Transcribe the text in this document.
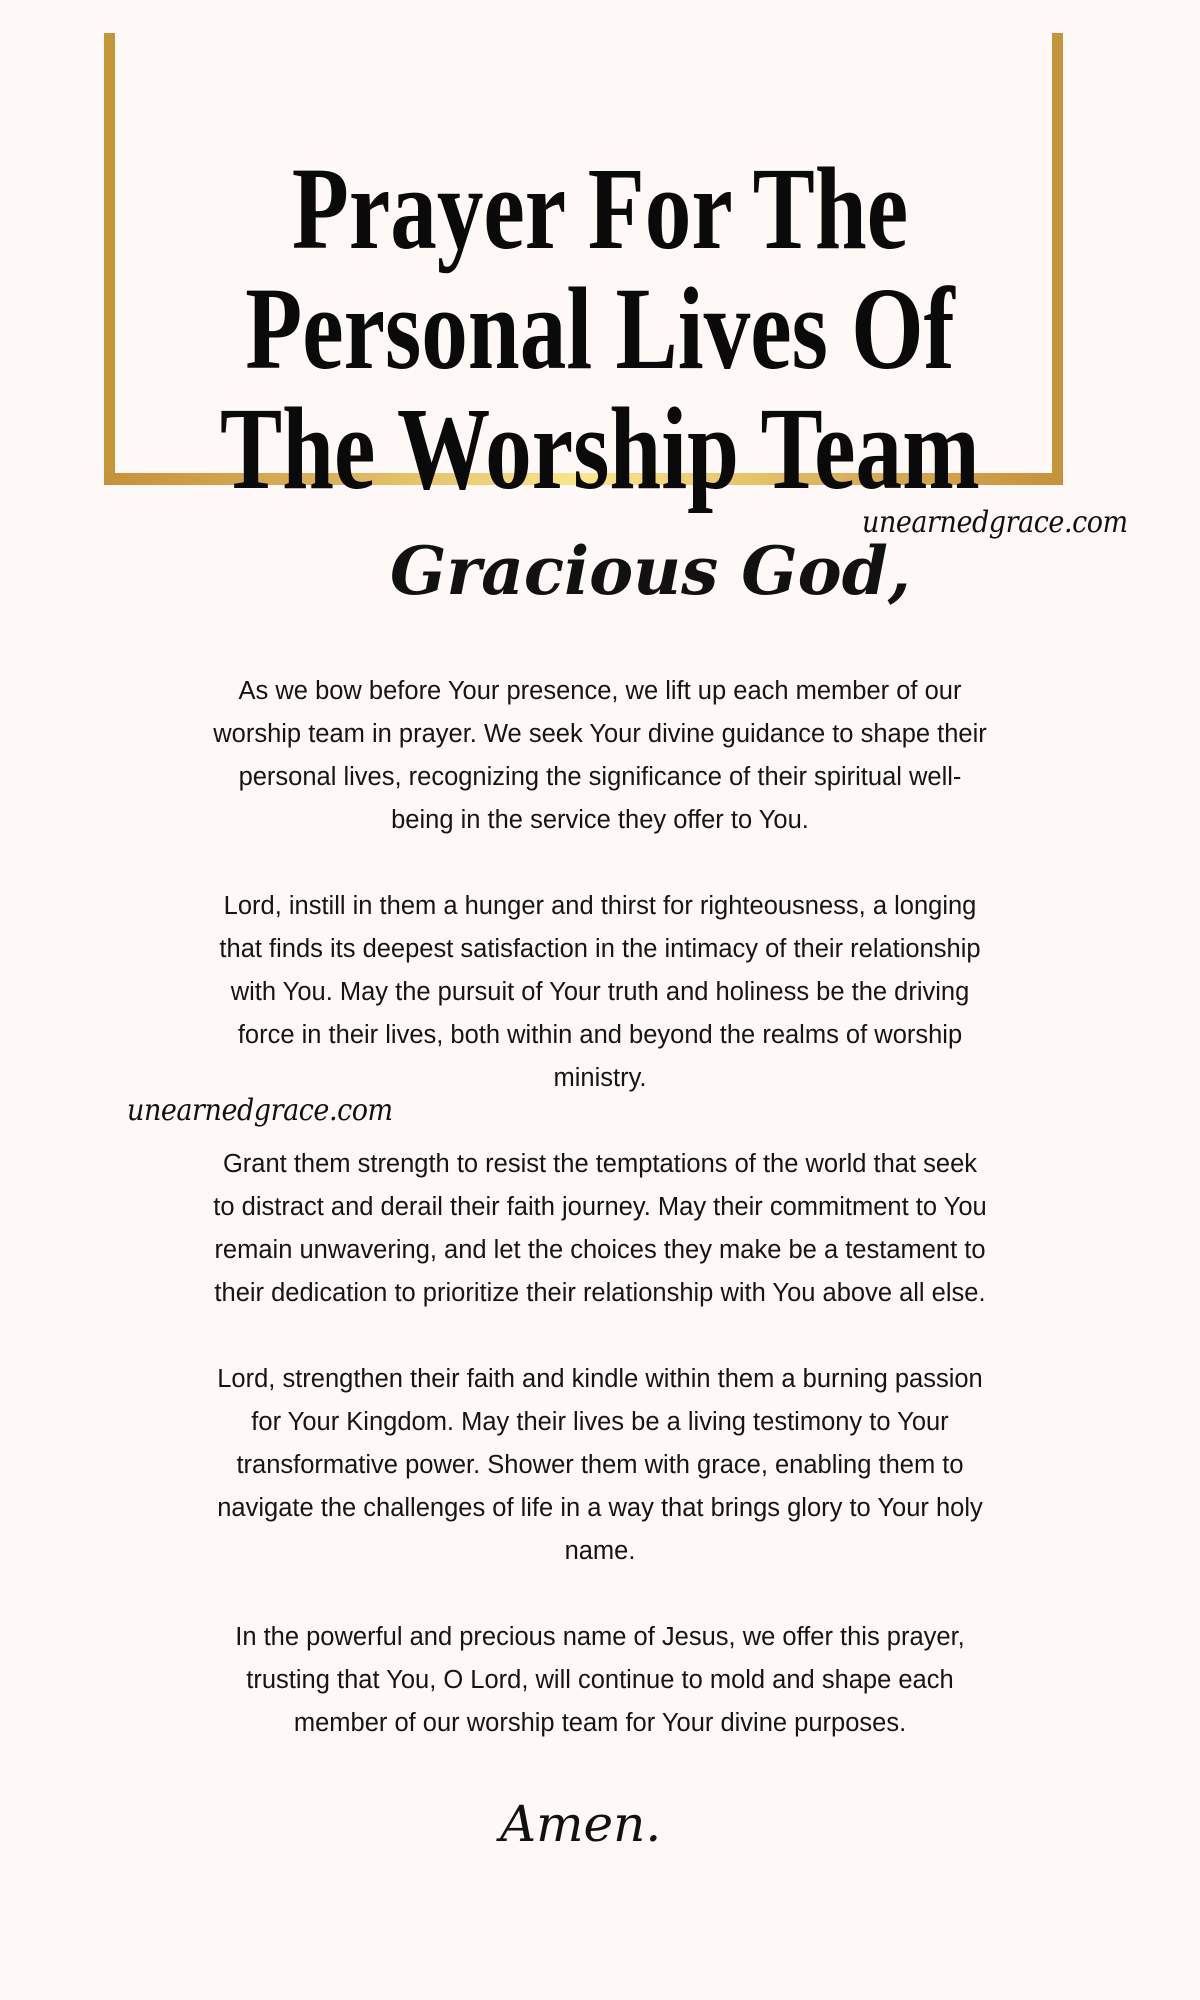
Prayer For The
Personal Lives Of
The Worship Team
unearnedgrace.com
Gracious God,

As we bow before Your presence, we lift up each member of our
worship team in prayer. We seek Your divine guidance to shape their
personal lives, recognizing the significance of their spiritual well-
being in the service they offer to You.

Lord, instill in them a hunger and thirst for righteousness, a longing
that finds its deepest satisfaction in the intimacy of their relationship
with You. May the pursuit of Your truth and holiness be the driving
force in their lives, both within and beyond the realms of worship
ministry.

Grant them strength to resist the temptations of the world that seek
to distract and derail their faith journey. May their commitment to You
remain unwavering, and let the choices they make be a testament to
their dedication to prioritize their relationship with You above all else.

Lord, strengthen their faith and kindle within them a burning passion
for Your Kingdom. May their lives be a living testimony to Your
transformative power. Shower them with grace, enabling them to
navigate the challenges of life in a way that brings glory to Your holy
name.

In the powerful and precious name of Jesus, we offer this prayer,
trusting that You, O Lord, will continue to mold and shape each
member of our worship team for Your divine purposes.

unearnedgrace.com
Amen.
